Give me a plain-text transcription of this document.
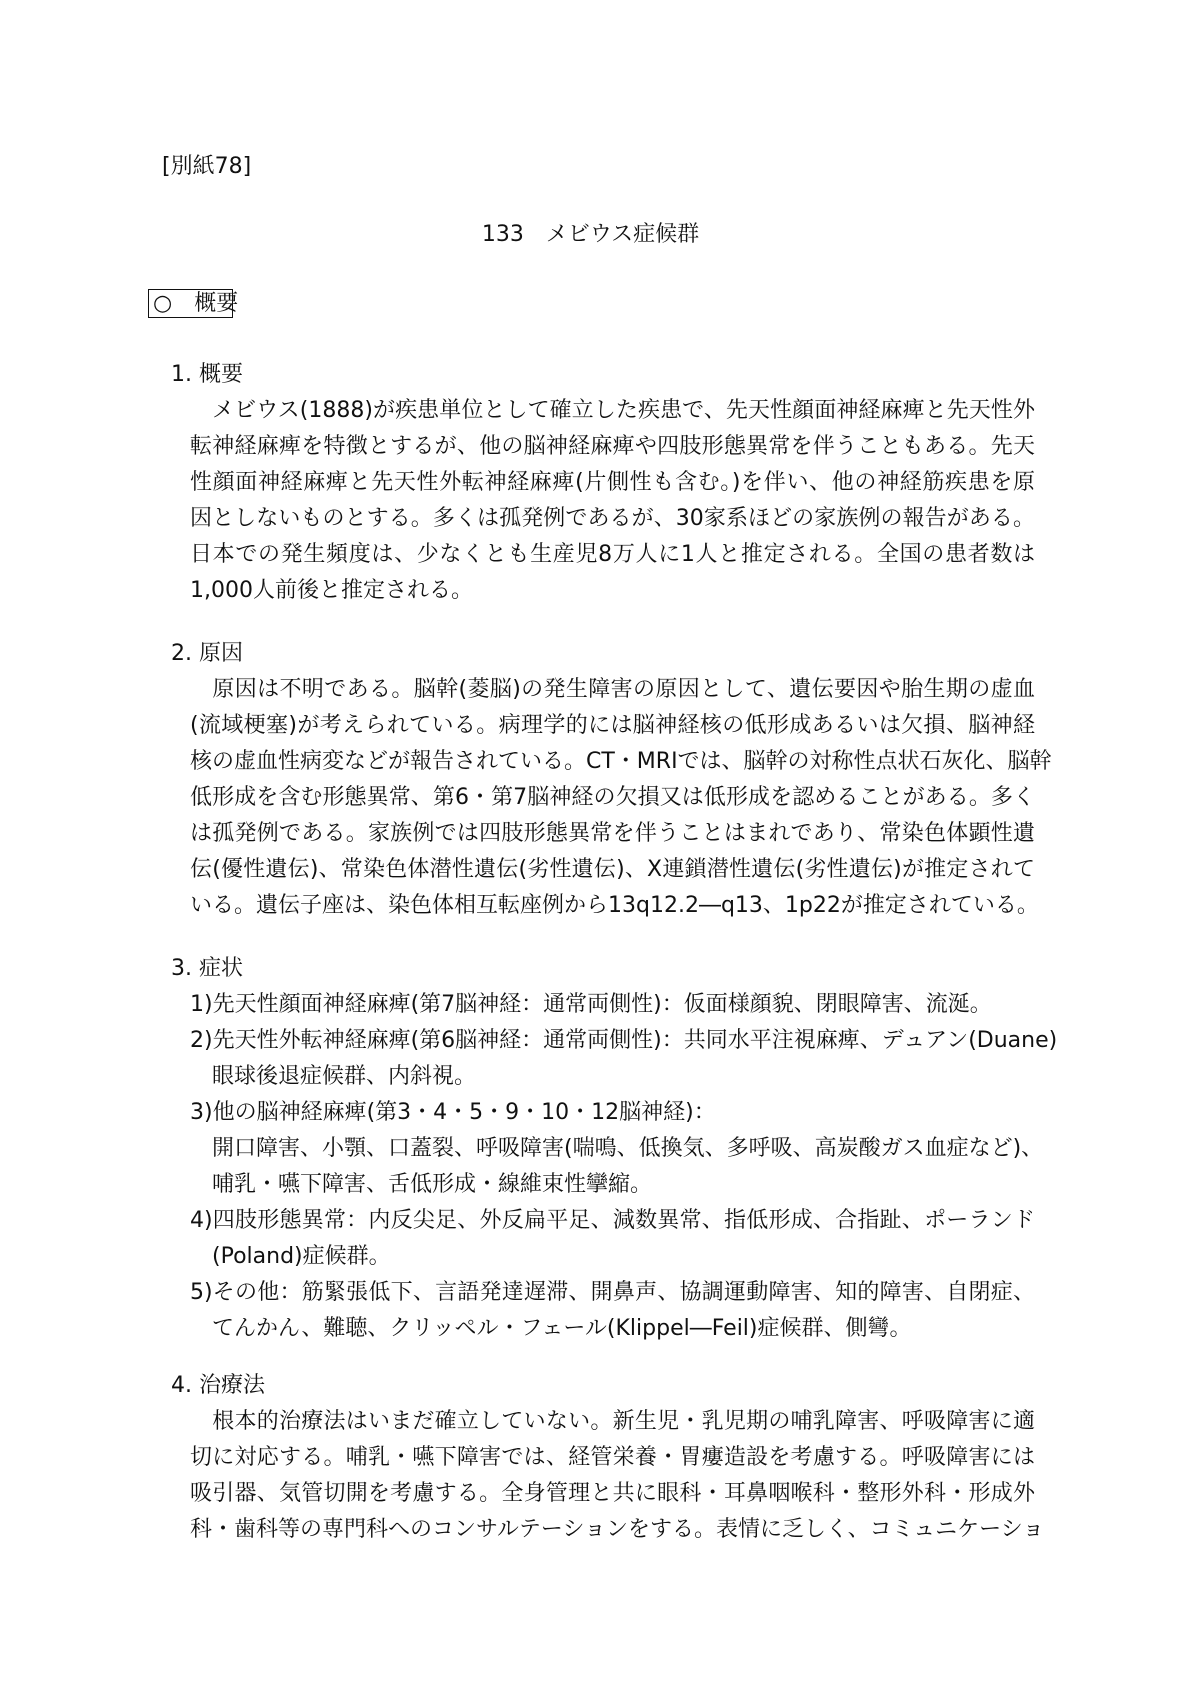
[別紙78]
133　メビウス症候群
○　概要
1. 概要
　メビウス(1888)が疾患単位として確立した疾患で、先天性顔面神経麻痺と先天性外
転神経麻痺を特徴とするが、他の脳神経麻痺や四肢形態異常を伴うこともある。先天
性顔面神経麻痺と先天性外転神経麻痺(片側性も含む。)を伴い、他の神経筋疾患を原
因としないものとする。多くは孤発例であるが、30家系ほどの家族例の報告がある。
日本での発生頻度は、少なくとも生産児8万人に1人と推定される。全国の患者数は
1,000人前後と推定される。
2. 原因
　原因は不明である。脳幹(菱脳)の発生障害の原因として、遺伝要因や胎生期の虚血
(流域梗塞)が考えられている。病理学的には脳神経核の低形成あるいは欠損、脳神経
核の虚血性病変などが報告されている。CT・MRIでは、脳幹の対称性点状石灰化、脳幹
低形成を含む形態異常、第6・第7脳神経の欠損又は低形成を認めることがある。多く
は孤発例である。家族例では四肢形態異常を伴うことはまれであり、常染色体顕性遺
伝(優性遺伝)、常染色体潜性遺伝(劣性遺伝)、X連鎖潜性遺伝(劣性遺伝)が推定されて
いる。遺伝子座は、染色体相互転座例から13q12.2―q13、1p22が推定されている。
3. 症状
1)先天性顔面神経麻痺(第7脳神経：通常両側性)：仮面様顔貌、閉眼障害、流涎。
2)先天性外転神経麻痺(第6脳神経：通常両側性)：共同水平注視麻痺、デュアン(Duane)
眼球後退症候群、内斜視。
3)他の脳神経麻痺(第3・4・5・9・10・12脳神経)：
開口障害、小顎、口蓋裂、呼吸障害(喘鳴、低換気、多呼吸、高炭酸ガス血症など)、
哺乳・嚥下障害、舌低形成・線維束性攣縮。
4)四肢形態異常：内反尖足、外反扁平足、減数異常、指低形成、合指趾、ポーランド
(Poland)症候群。
5)その他：筋緊張低下、言語発達遅滞、開鼻声、協調運動障害、知的障害、自閉症、
てんかん、難聴、クリッペル・フェール(Klippel―Feil)症候群、側彎。
4. 治療法
　根本的治療法はいまだ確立していない。新生児・乳児期の哺乳障害、呼吸障害に適
切に対応する。哺乳・嚥下障害では、経管栄養・胃瘻造設を考慮する。呼吸障害には
吸引器、気管切開を考慮する。全身管理と共に眼科・耳鼻咽喉科・整形外科・形成外
科・歯科等の専門科へのコンサルテーションをする。表情に乏しく、コミュニケーショ
